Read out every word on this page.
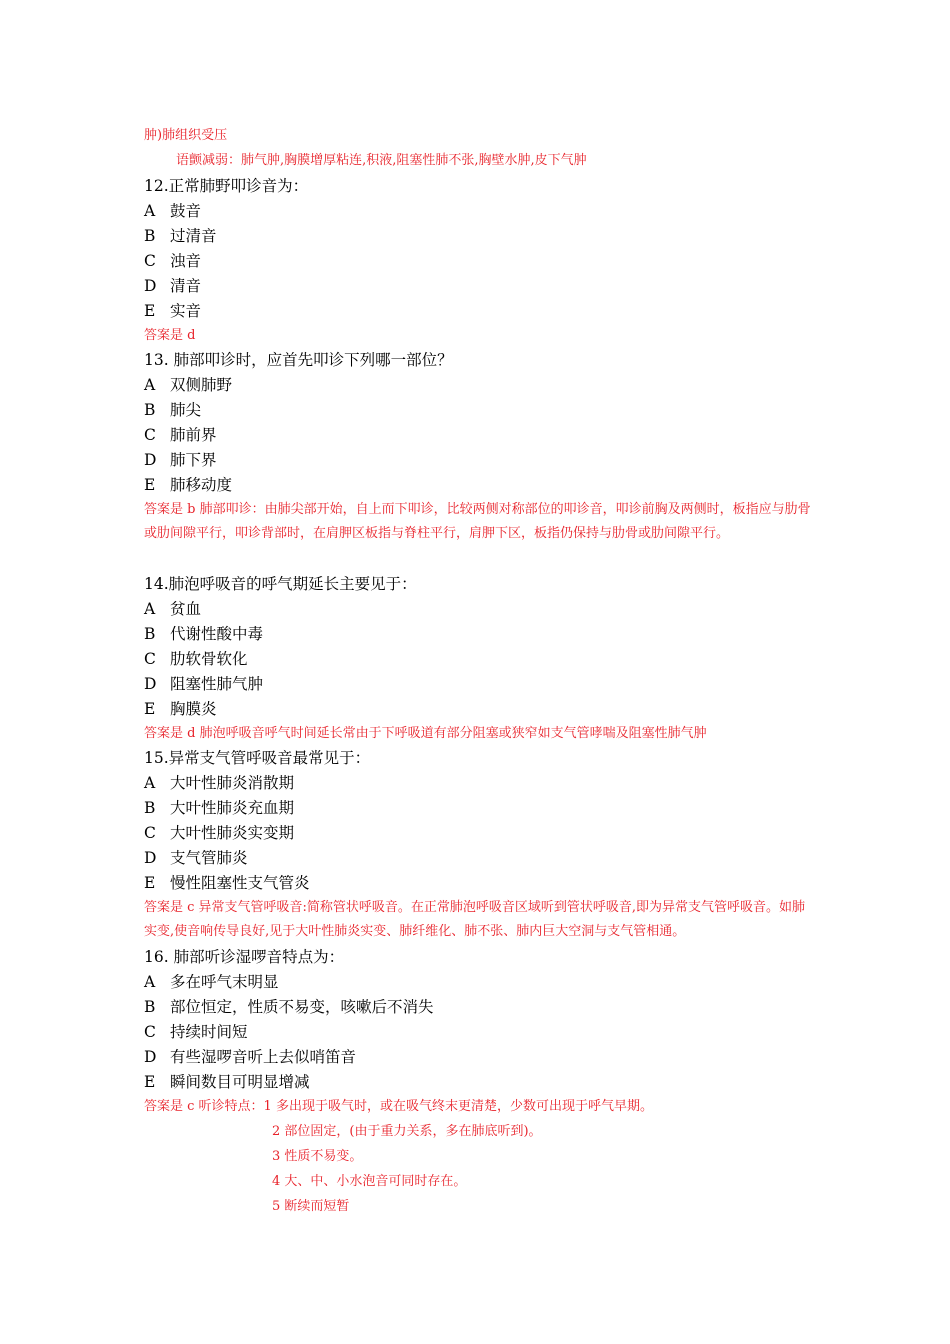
肿)肺组织受压
语颤减弱：肺气肿,胸膜增厚粘连,积液,阻塞性肺不张,胸壁水肿,皮下气肿
12.正常肺野叩诊音为：
A 鼓音
B 过清音
C 浊音
D 清音
E 实音
答案是 d
13. 肺部叩诊时，应首先叩诊下列哪一部位？
A 双侧肺野
B 肺尖
C 肺前界
D 肺下界
E 肺移动度
答案是 b 肺部叩诊：由肺尖部开始，自上而下叩诊，比较两侧对称部位的叩诊音，叩诊前胸及两侧时，板指应与肋骨或肋间隙平行，叩诊背部时，在肩胛区板指与脊柱平行，肩胛下区，板指仍保持与肋骨或肋间隙平行。
14.肺泡呼吸音的呼气期延长主要见于：
A 贫血
B 代谢性酸中毒
C 肋软骨软化
D 阻塞性肺气肿
E 胸膜炎
答案是 d 肺泡呼吸音呼气时间延长常由于下呼吸道有部分阻塞或狭窄如支气管哮喘及阻塞性肺气肿
15.异常支气管呼吸音最常见于：
A 大叶性肺炎消散期
B 大叶性肺炎充血期
C 大叶性肺炎实变期
D 支气管肺炎
E 慢性阻塞性支气管炎
答案是 c 异常支气管呼吸音:简称管状呼吸音。在正常肺泡呼吸音区域听到管状呼吸音,即为异常支气管呼吸音。如肺实变,使音响传导良好,见于大叶性肺炎实变、肺纤维化、肺不张、肺内巨大空洞与支气管相通。
16. 肺部听诊湿啰音特点为：
A 多在呼气末明显
B 部位恒定，性质不易变，咳嗽后不消失
C 持续时间短
D 有些湿啰音听上去似哨笛音
E 瞬间数目可明显增减
答案是 c 听诊特点：1 多出现于吸气时，或在吸气终末更清楚，少数可出现于呼气早期。
2 部位固定，(由于重力关系，多在肺底听到)。
3 性质不易变。
4 大、中、小水泡音可同时存在。
5 断续而短暂
